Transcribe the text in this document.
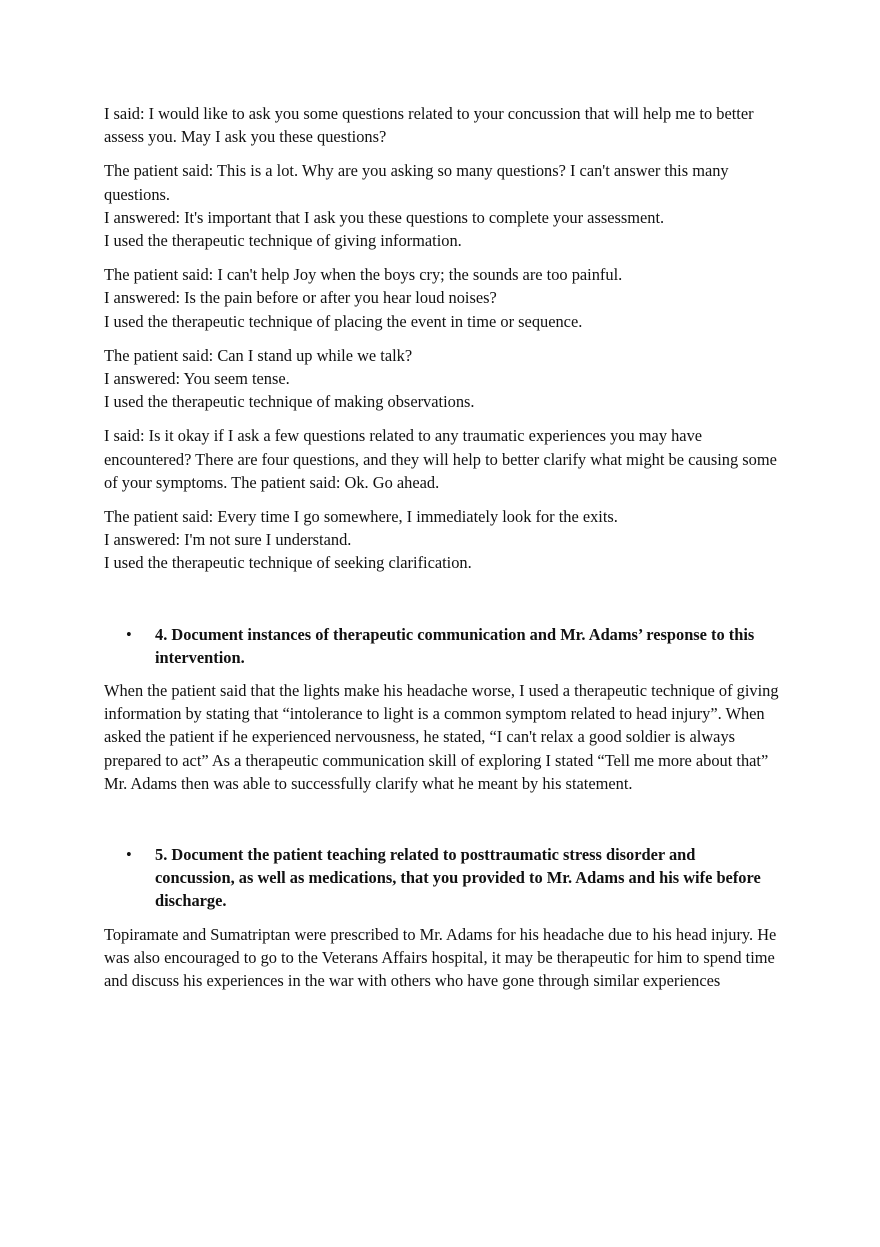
I said: I would like to ask you some questions related to your concussion that will help me to better assess you. May I ask you these questions?

The patient said: This is a lot. Why are you asking so many questions? I can't answer this many questions.
I answered: It's important that I ask you these questions to complete your assessment.
I used the therapeutic technique of giving information.

The patient said: I can't help Joy when the boys cry; the sounds are too painful.
I answered: Is the pain before or after you hear loud noises?
I used the therapeutic technique of placing the event in time or sequence.

The patient said: Can I stand up while we talk?
I answered: You seem tense.
I used the therapeutic technique of making observations.

I said: Is it okay if I ask a few questions related to any traumatic experiences you may have encountered? There are four questions, and they will help to better clarify what might be causing some of your symptoms. The patient said: Ok. Go ahead.

The patient said: Every time I go somewhere, I immediately look for the exits.
I answered: I'm not sure I understand.
I used the therapeutic technique of seeking clarification.

• 4. Document instances of therapeutic communication and Mr. Adams’ response to this intervention.

When the patient said that the lights make his headache worse, I used a therapeutic technique of giving information by stating that “intolerance to light is a common symptom related to head injury”. When asked the patient if he experienced nervousness, he stated, “I can't relax a good soldier is always prepared to act” As a therapeutic communication skill of exploring I stated “Tell me more about that” Mr. Adams then was able to successfully clarify what he meant by his statement.

• 5. Document the patient teaching related to posttraumatic stress disorder and concussion, as well as medications, that you provided to Mr. Adams and his wife before discharge.

Topiramate and Sumatriptan were prescribed to Mr. Adams for his headache due to his head injury. He was also encouraged to go to the Veterans Affairs hospital, it may be therapeutic for him to spend time and discuss his experiences in the war with others who have gone through similar experiences
